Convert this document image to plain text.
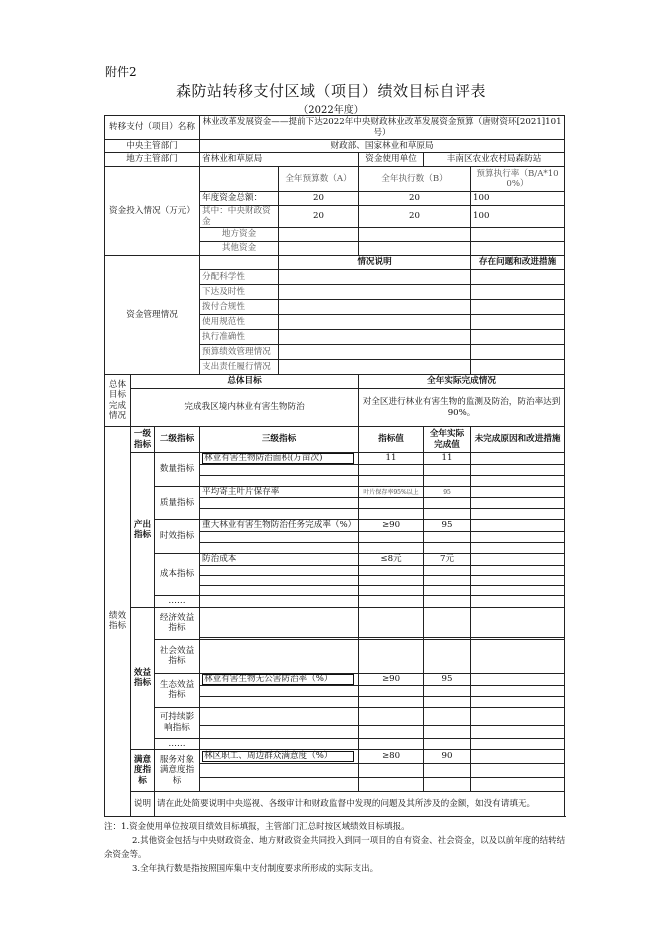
附件2
森防站转移支付区域（项目）绩效目标自评表
（2022年度）
转移支付（项目）名称			林业改革发展资金——提前下达2022年中央财政林业改革发展资金预算（唐财资环[2021]101号）				
中央主管部门			财政部、国家林业和草原局				
地方主管部门			省林业和草原局		资金使用单位	丰南区农业农村局森防站	
资金投入情况（万元）				全年预算数（A）	全年执行数（B）		预算执行率（B/A*100%）
			年度资金总额：	20	20		100
			其中：中央财政资金	20	20		100
			地方资金				
			其他资金				
资金管理情况				情况说明			存在问题和改进措施
			分配科学性				
			下达及时性				
			拨付合规性				
			使用规范性				
			执行准确性				
			预算绩效管理情况				
			支出责任履行情况				
总体目标完成情况	总体目标				全年实际完成情况		
	完成我区境内林业有害生物防治				对全区进行林业有害生物的监测及防治，防治率达到90%。		
绩效指标	一级指标	二级指标	三级指标		指标值	全年实际完成值	未完成原因和改进措施
	产出指标	数量指标	林业有害生物防治面积(万亩次)		11	11	

		质量指标	平均寄主叶片保存率		叶片保存率95%以上	95	

		时效指标	重大林业有害生物防治任务完成率（%）		≥90	95	

		成本指标	防治成本		≤8元	7元	

		……					
	效益指标	经济效益指标					

		社会效益指标					
		生态效益指标	林业有害生物无公害防治率（%）		≥90	95	

		可持续影响指标					

		……					
	满意度指标	服务对象满意度指标	林区职工、周边群众满意度（%）		≥80	90	

	说明	请在此处简要说明中央巡视、各级审计和财政监督中发现的问题及其所涉及的金额，如没有请填无。					
注：1.资金使用单位按项目绩效目标填报，主管部门汇总时按区域绩效目标填报。
2.其他资金包括与中央财政资金、地方财政资金共同投入到同一项目的自有资金、社会资金，以及以前年度的结转结余资金等。
3.全年执行数是指按照国库集中支付制度要求所形成的实际支出。
